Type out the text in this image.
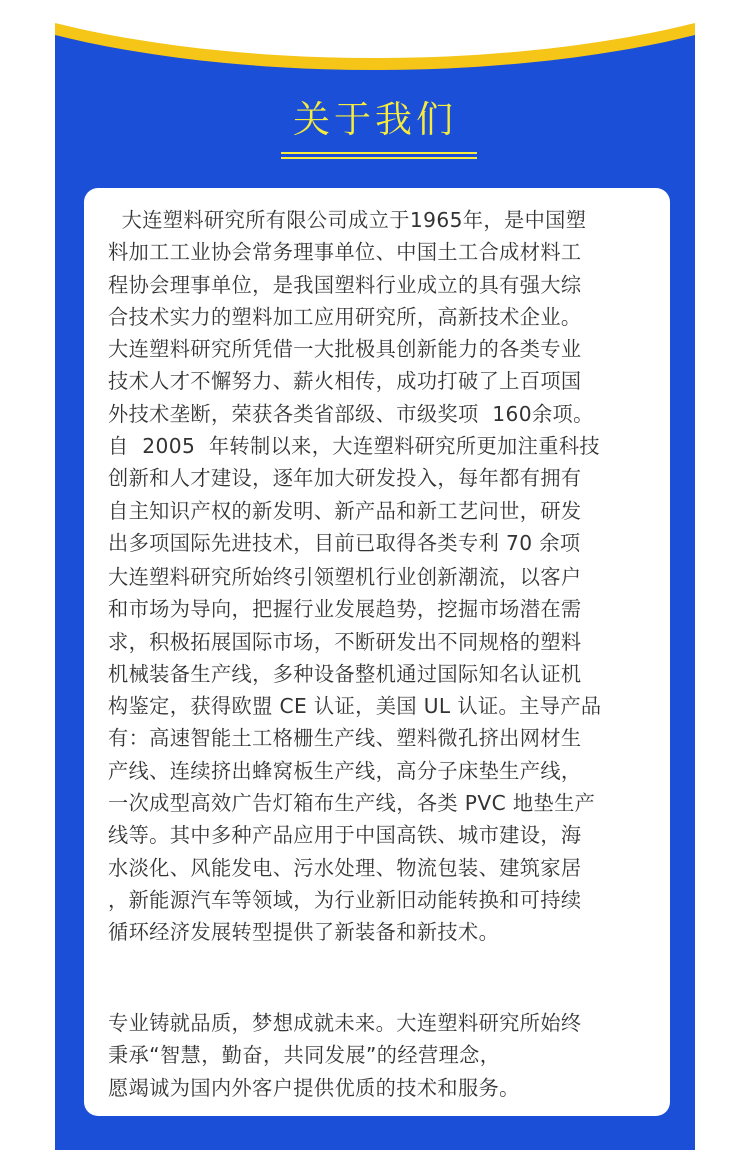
关于我们
大连塑料研究所有限公司成立于1965年，是中国塑
料加工工业协会常务理事单位、中国土工合成材料工
程协会理事单位，是我国塑料行业成立的具有强大综
合技术实力的塑料加工应用研究所，高新技术企业。
大连塑料研究所凭借一大批极具创新能力的各类专业
技术人才不懈努力、薪火相传，成功打破了上百项国
外技术垄断，荣获各类省部级、市级奖项  160余项。
自  2005  年转制以来，大连塑料研究所更加注重科技
创新和人才建设，逐年加大研发投入，每年都有拥有
自主知识产权的新发明、新产品和新工艺问世，研发
出多项国际先进技术，目前已取得各类专利 70 余项
大连塑料研究所始终引领塑机行业创新潮流，以客户
和市场为导向，把握行业发展趋势，挖掘市场潜在需
求，积极拓展国际市场，不断研发出不同规格的塑料
机械装备生产线，多种设备整机通过国际知名认证机
构鉴定，获得欧盟 CE 认证，美国 UL 认证。主导产品
有：高速智能土工格栅生产线、塑料微孔挤出网材生
产线、连续挤出蜂窝板生产线，高分子床垫生产线，
一次成型高效广告灯箱布生产线，各类 PVC 地垫生产
线等。其中多种产品应用于中国高铁、城市建设，海
水淡化、风能发电、污水处理、物流包装、建筑家居
，新能源汽车等领域，为行业新旧动能转换和可持续
循环经济发展转型提供了新装备和新技术。
专业铸就品质，梦想成就未来。大连塑料研究所始终
秉承“智慧，勤奋，共同发展”的经营理念，
愿竭诚为国内外客户提供优质的技术和服务。
